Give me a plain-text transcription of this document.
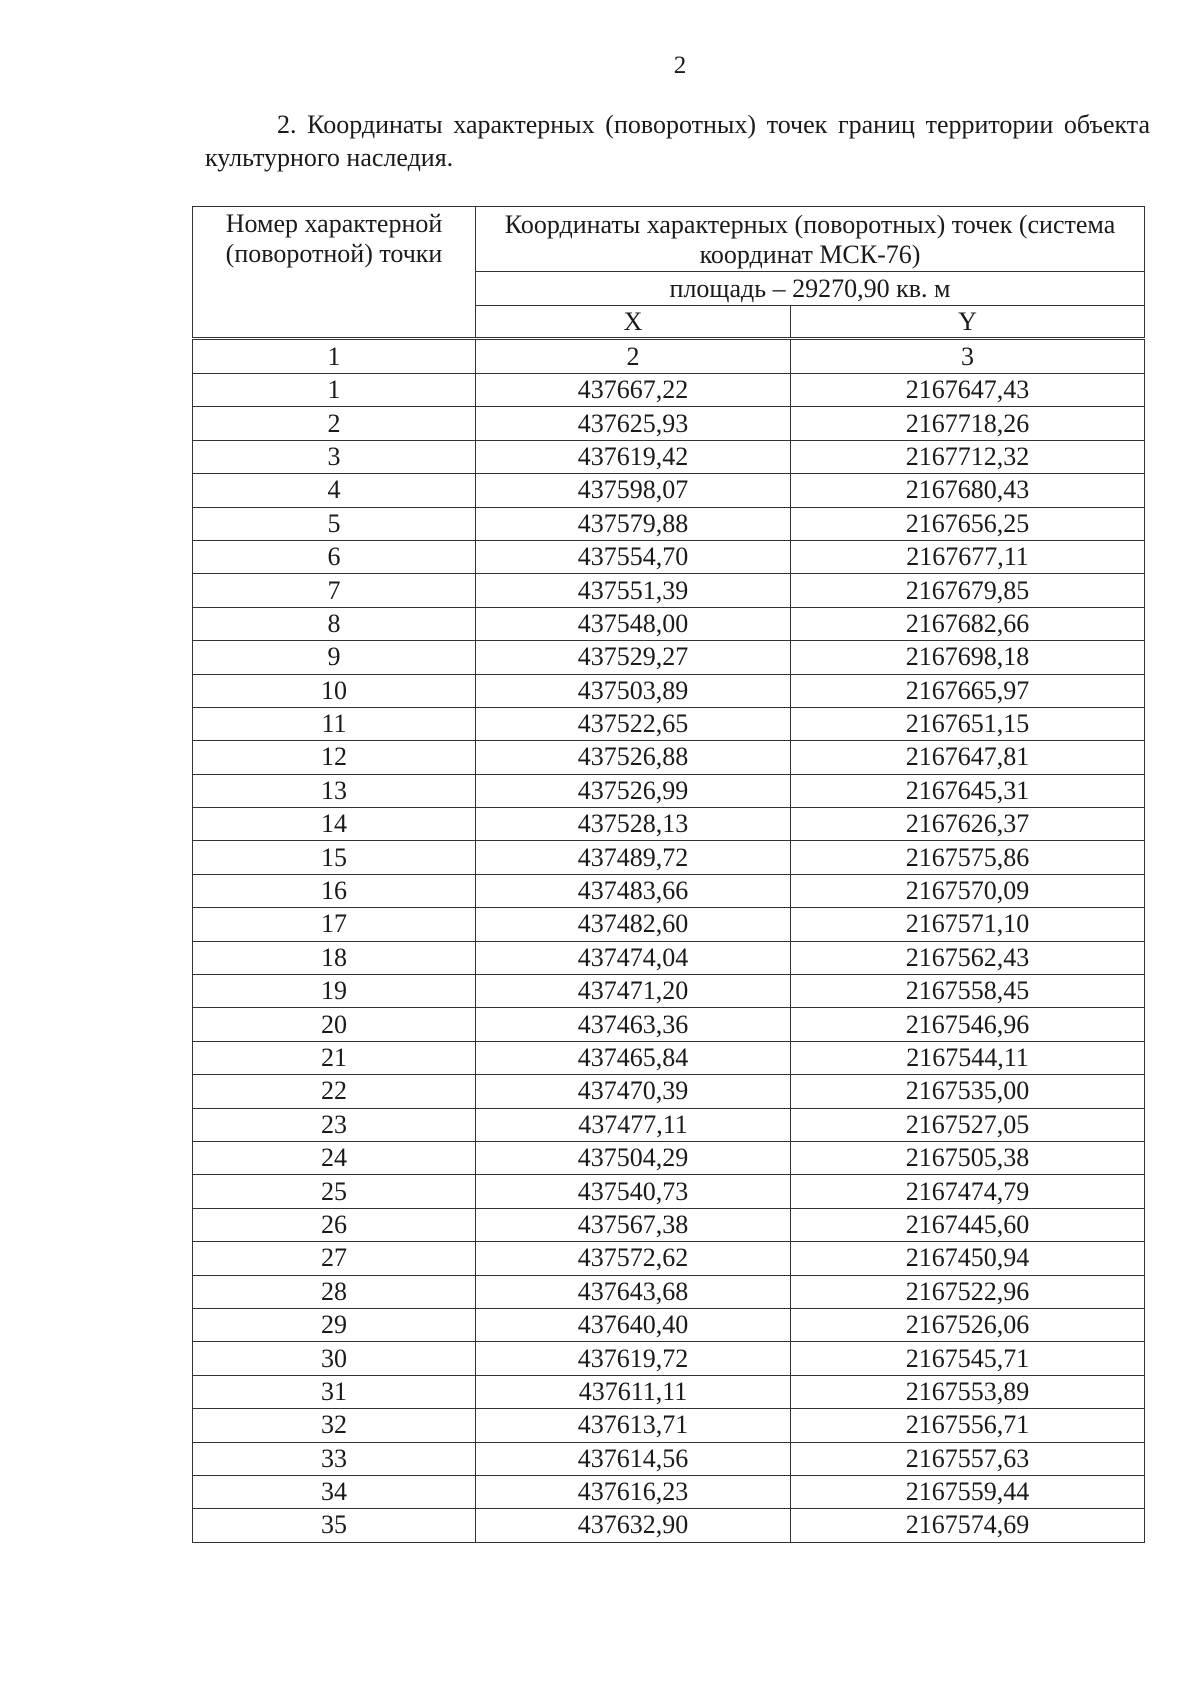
2

2. Координаты характерных (поворотных) точек границ территории объекта культурного наследия.

Номер характерной (поворотной) точки	Координаты характерных (поворотных) точек (система координат МСК-76)	
	площадь – 29270,90 кв. м	
	X	Y
1	2	3
1	437667,22	2167647,43
2	437625,93	2167718,26
3	437619,42	2167712,32
4	437598,07	2167680,43
5	437579,88	2167656,25
6	437554,70	2167677,11
7	437551,39	2167679,85
8	437548,00	2167682,66
9	437529,27	2167698,18
10	437503,89	2167665,97
11	437522,65	2167651,15
12	437526,88	2167647,81
13	437526,99	2167645,31
14	437528,13	2167626,37
15	437489,72	2167575,86
16	437483,66	2167570,09
17	437482,60	2167571,10
18	437474,04	2167562,43
19	437471,20	2167558,45
20	437463,36	2167546,96
21	437465,84	2167544,11
22	437470,39	2167535,00
23	437477,11	2167527,05
24	437504,29	2167505,38
25	437540,73	2167474,79
26	437567,38	2167445,60
27	437572,62	2167450,94
28	437643,68	2167522,96
29	437640,40	2167526,06
30	437619,72	2167545,71
31	437611,11	2167553,89
32	437613,71	2167556,71
33	437614,56	2167557,63
34	437616,23	2167559,44
35	437632,90	2167574,69
